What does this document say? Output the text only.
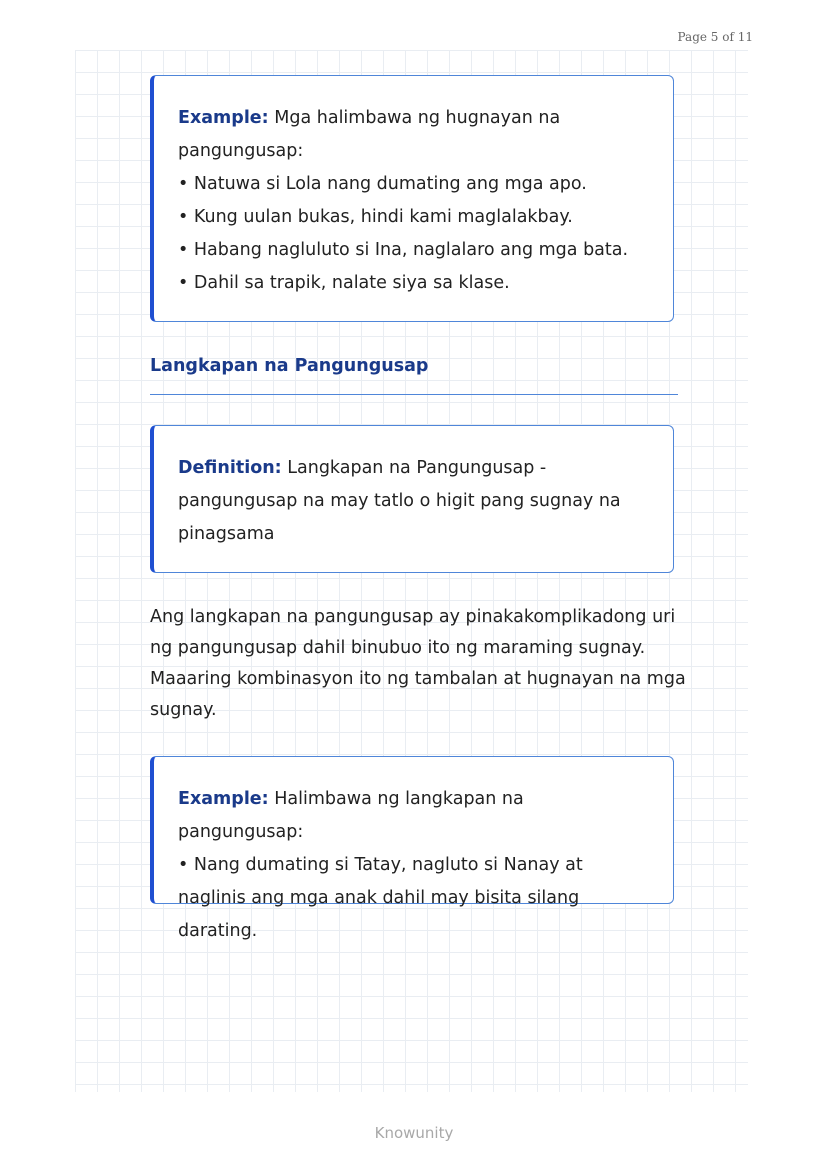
Page 5 of 11

Example: Mga halimbawa ng hugnayan na pangungusap:

• Natuwa si Lola nang dumating ang mga apo.
• Kung uulan bukas, hindi kami maglalakbay.
• Habang nagluluto si Ina, naglalaro ang mga bata.
• Dahil sa trapik, nalate siya sa klase.
Langkapan na Pangungusap

Definition: Langkapan na Pangungusap - pangungusap na may tatlo o higit pang sugnay na pinagsama

Ang langkapan na pangungusap ay pinakakomplikadong uri ng pangungusap dahil binubuo ito ng maraming sugnay. Maaaring kombinasyon ito ng tambalan at hugnayan na mga sugnay.

Example: Halimbawa ng langkapan na pangungusap:

• Nang dumating si Tatay, nagluto si Nanay at naglinis ang mga anak dahil may bisita silang darating.
Knowunity
